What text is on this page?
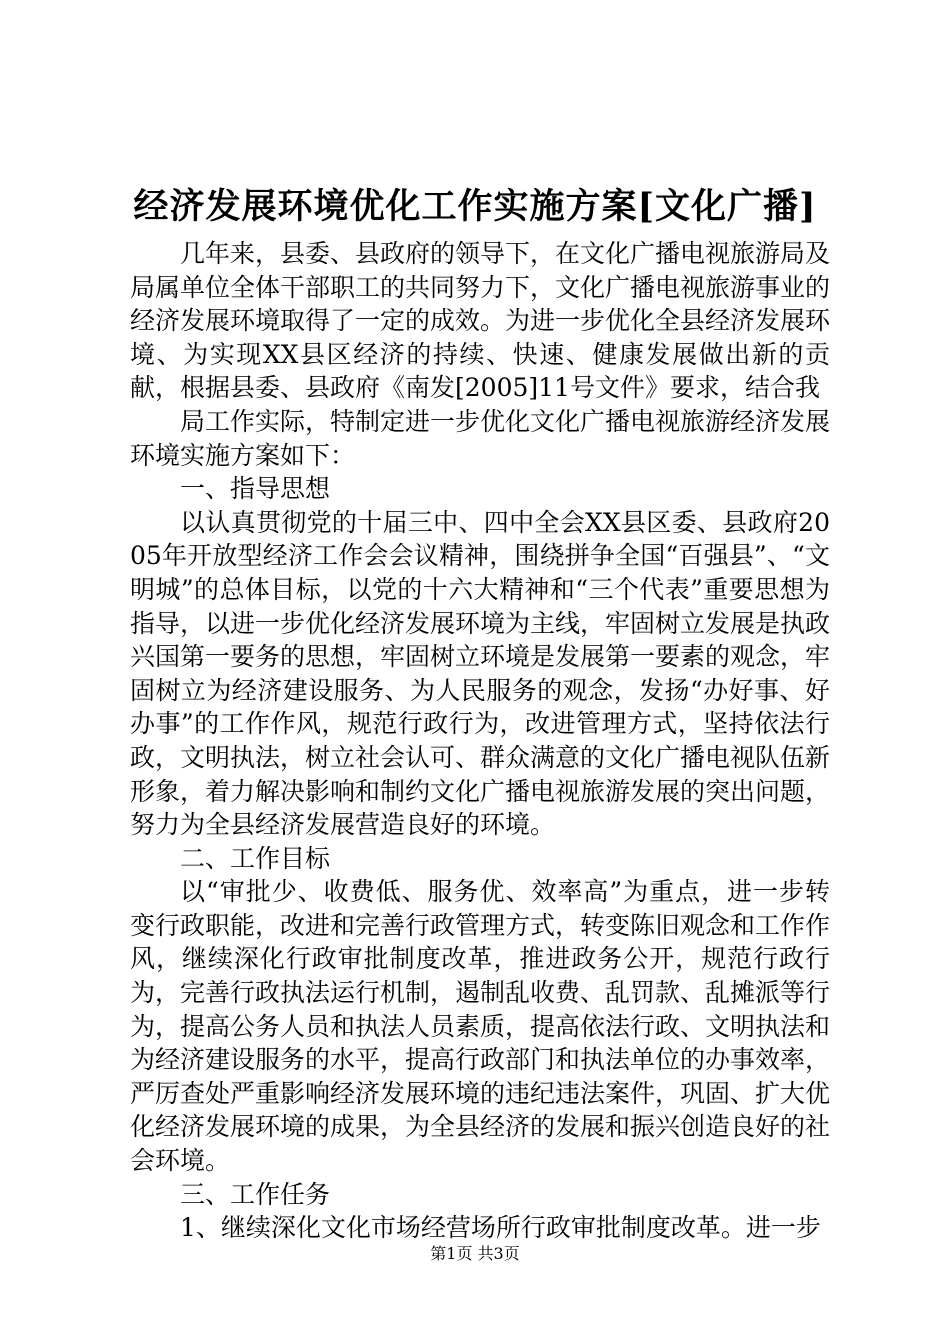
经济发展环境优化工作实施方案[文化广播]

几年来，县委、县政府的领导下，在文化广播电视旅游局及局属单位全体干部职工的共同努力下，文化广播电视旅游事业的经济发展环境取得了一定的成效。为进一步优化全县经济发展环境、为实现XX县区经济的持续、快速、健康发展做出新的贡献，根据县委、县政府《南发[2005]11号文件》要求，结合我

局工作实际，特制定进一步优化文化广播电视旅游经济发展环境实施方案如下：

一、指导思想

以认真贯彻党的十届三中、四中全会XX县区委、县政府2005年开放型经济工作会会议精神，围绕拼争全国“百强县”、“文明城”的总体目标，以党的十六大精神和“三个代表”重要思想为指导，以进一步优化经济发展环境为主线，牢固树立发展是执政兴国第一要务的思想，牢固树立环境是发展第一要素的观念，牢固树立为经济建设服务、为人民服务的观念，发扬“办好事、好办事”的工作作风，规范行政行为，改进管理方式，坚持依法行政，文明执法，树立社会认可、群众满意的文化广播电视队伍新形象，着力解决影响和制约文化广播电视旅游发展的突出问题，努力为全县经济发展营造良好的环境。

二、工作目标

以“审批少、收费低、服务优、效率高”为重点，进一步转变行政职能，改进和完善行政管理方式，转变陈旧观念和工作作风，继续深化行政审批制度改革，推进政务公开，规范行政行为，完善行政执法运行机制，遏制乱收费、乱罚款、乱摊派等行为，提高公务人员和执法人员素质，提高依法行政、文明执法和为经济建设服务的水平，提高行政部门和执法单位的办事效率，严厉查处严重影响经济发展环境的违纪违法案件，巩固、扩大优化经济发展环境的成果，为全县经济的发展和振兴创造良好的社会环境。

三、工作任务

1、继续深化文化市场经营场所行政审批制度改革。进一步

第1页 共3页
